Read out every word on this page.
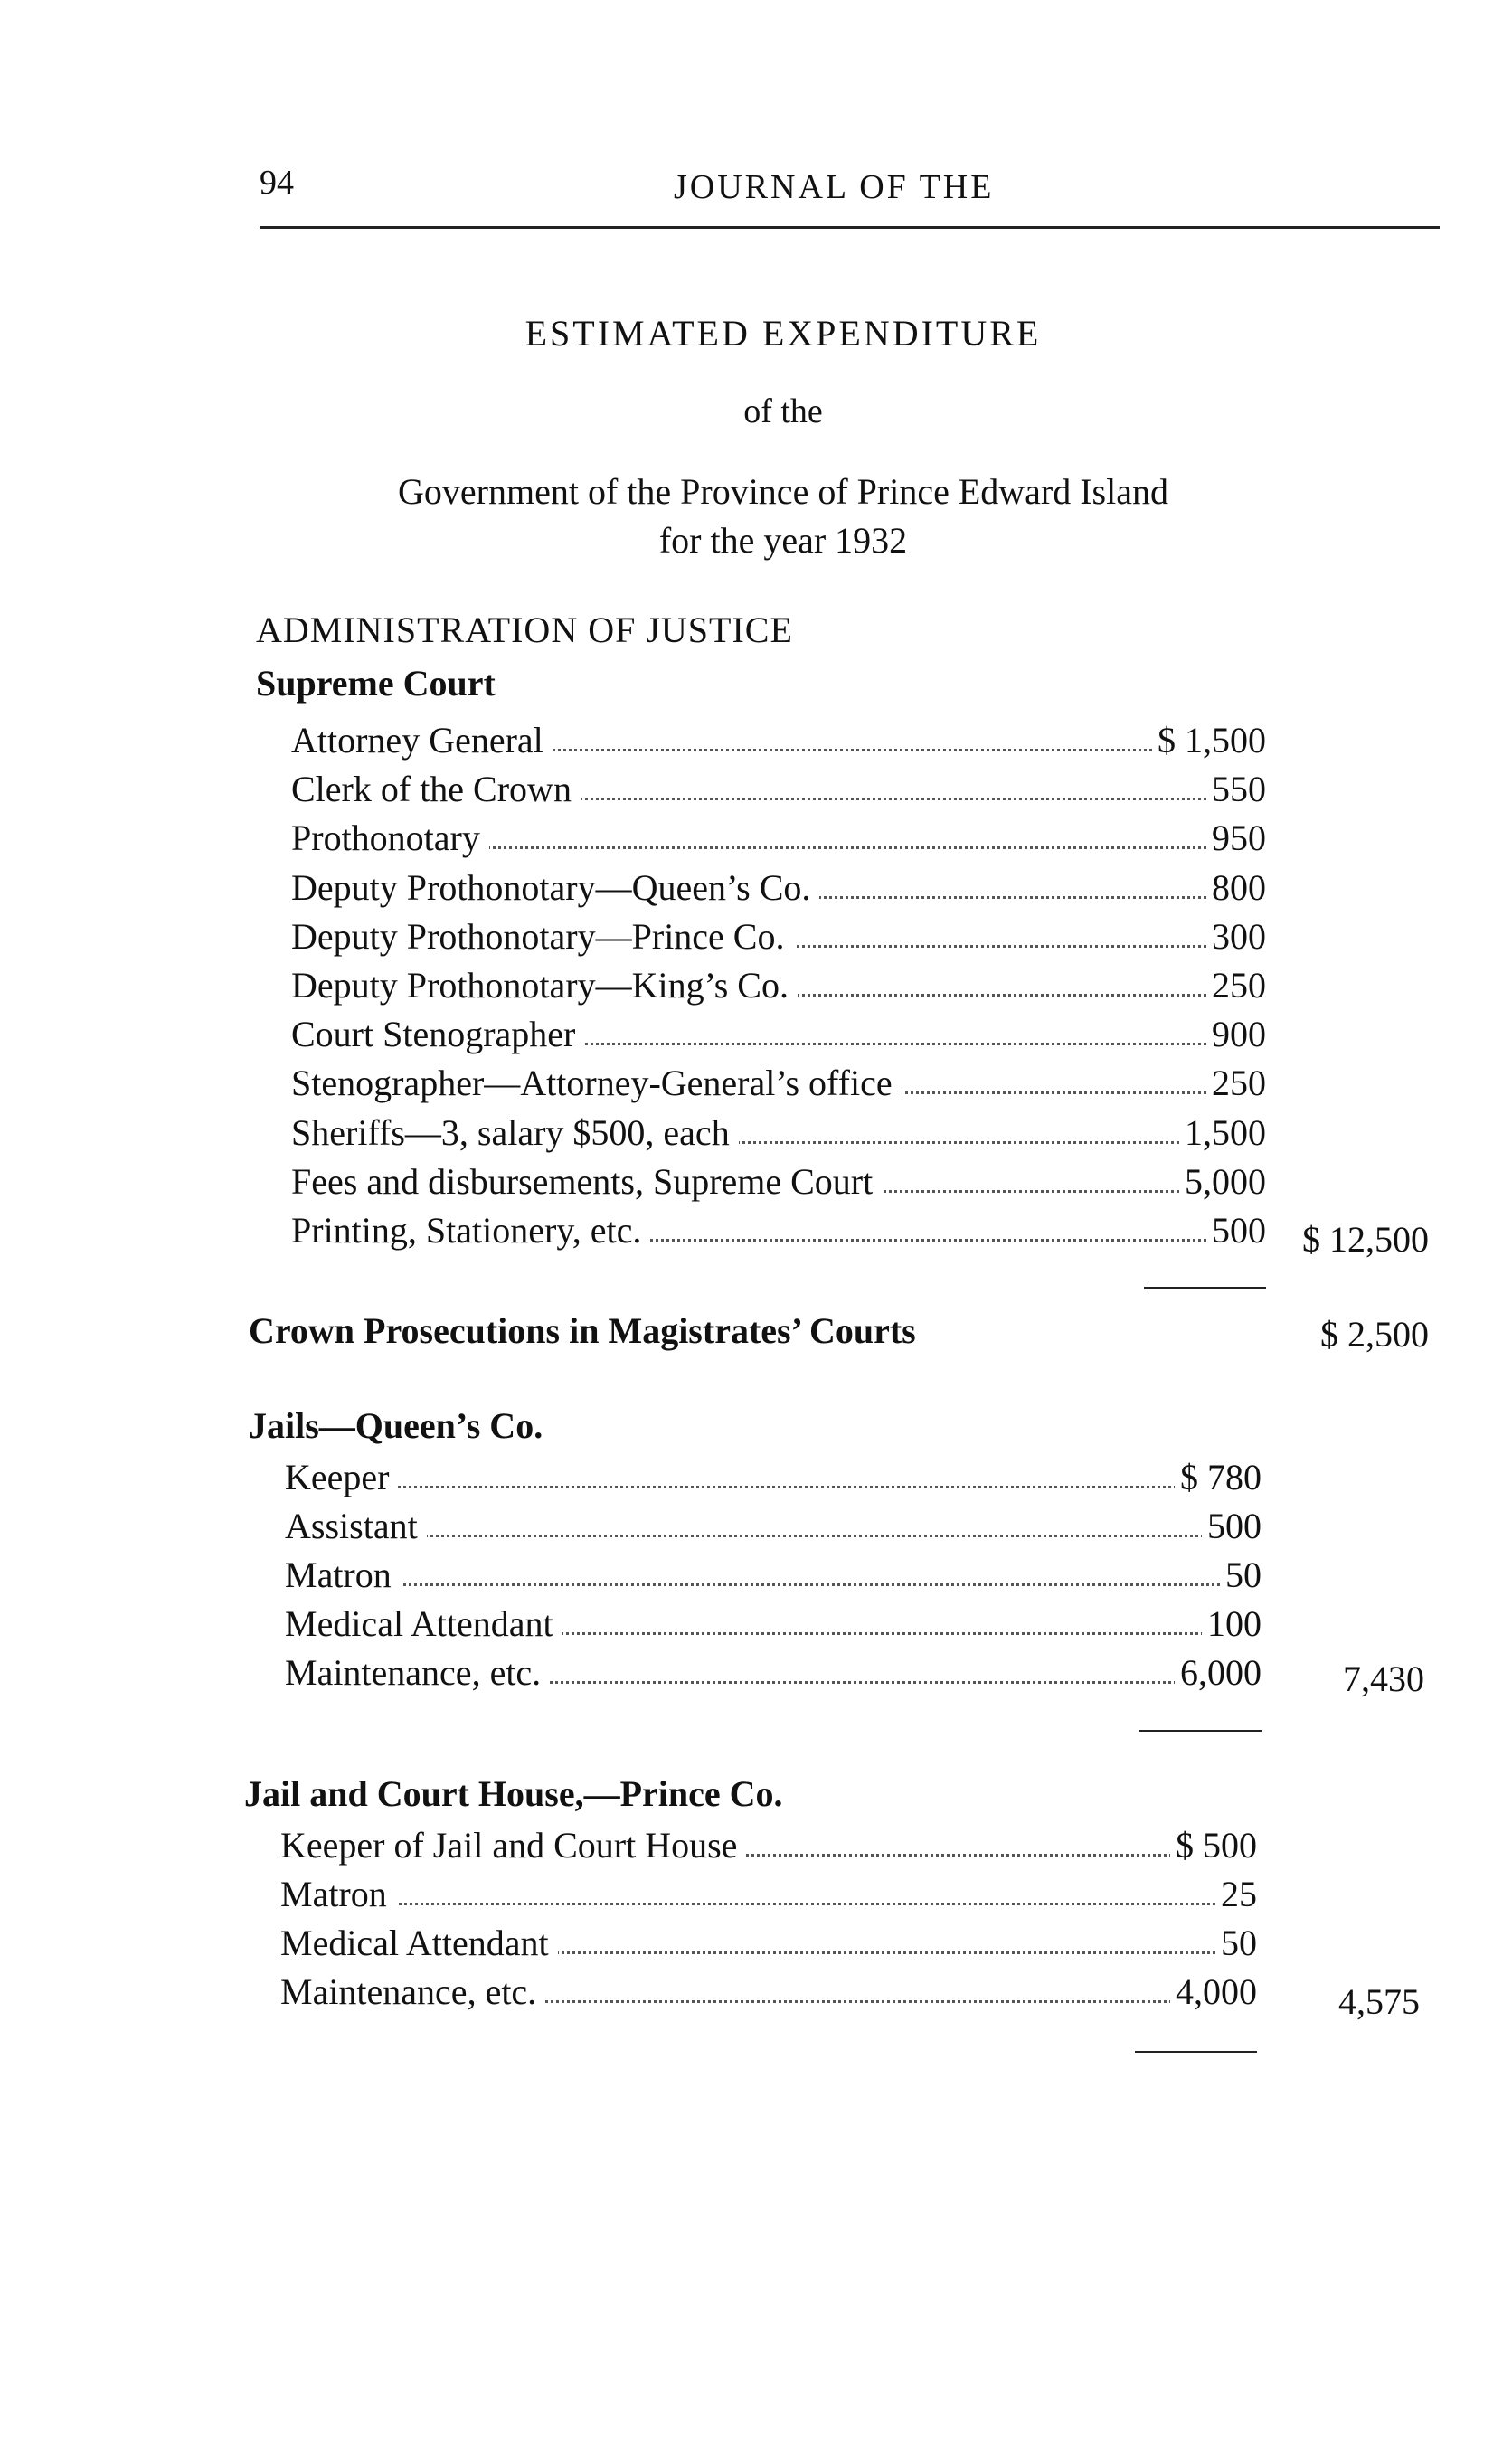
94	JOURNAL OF THE
ESTIMATED EXPENDITURE
of the
Government of the Province of Prince Edward Island
for the year 1932
ADMINISTRATION OF JUSTICE
Supreme Court
Attorney General	$ 1,500
Clerk of the Crown	550
Prothonotary	950
Deputy Prothonotary—Queen’s Co.	800
Deputy Prothonotary—Prince Co.	300
Deputy Prothonotary—King’s Co.	250
Court Stenographer	900
Stenographer—Attorney-General’s office	250
Sheriffs—3, salary $500, each	1,500
Fees and disbursements, Supreme Court	5,000
Printing, Stationery, etc.	500	$ 12,500
Crown Prosecutions in Magistrates’ Courts	$ 2,500
Jails—Queen’s Co.
Keeper	$ 780
Assistant	500
Matron	50
Medical Attendant	100
Maintenance, etc.	6,000	7,430
Jail and Court House,—Prince Co.
Keeper of Jail and Court House	$ 500
Matron	25
Medical Attendant	50
Maintenance, etc.	4,000	4,575
